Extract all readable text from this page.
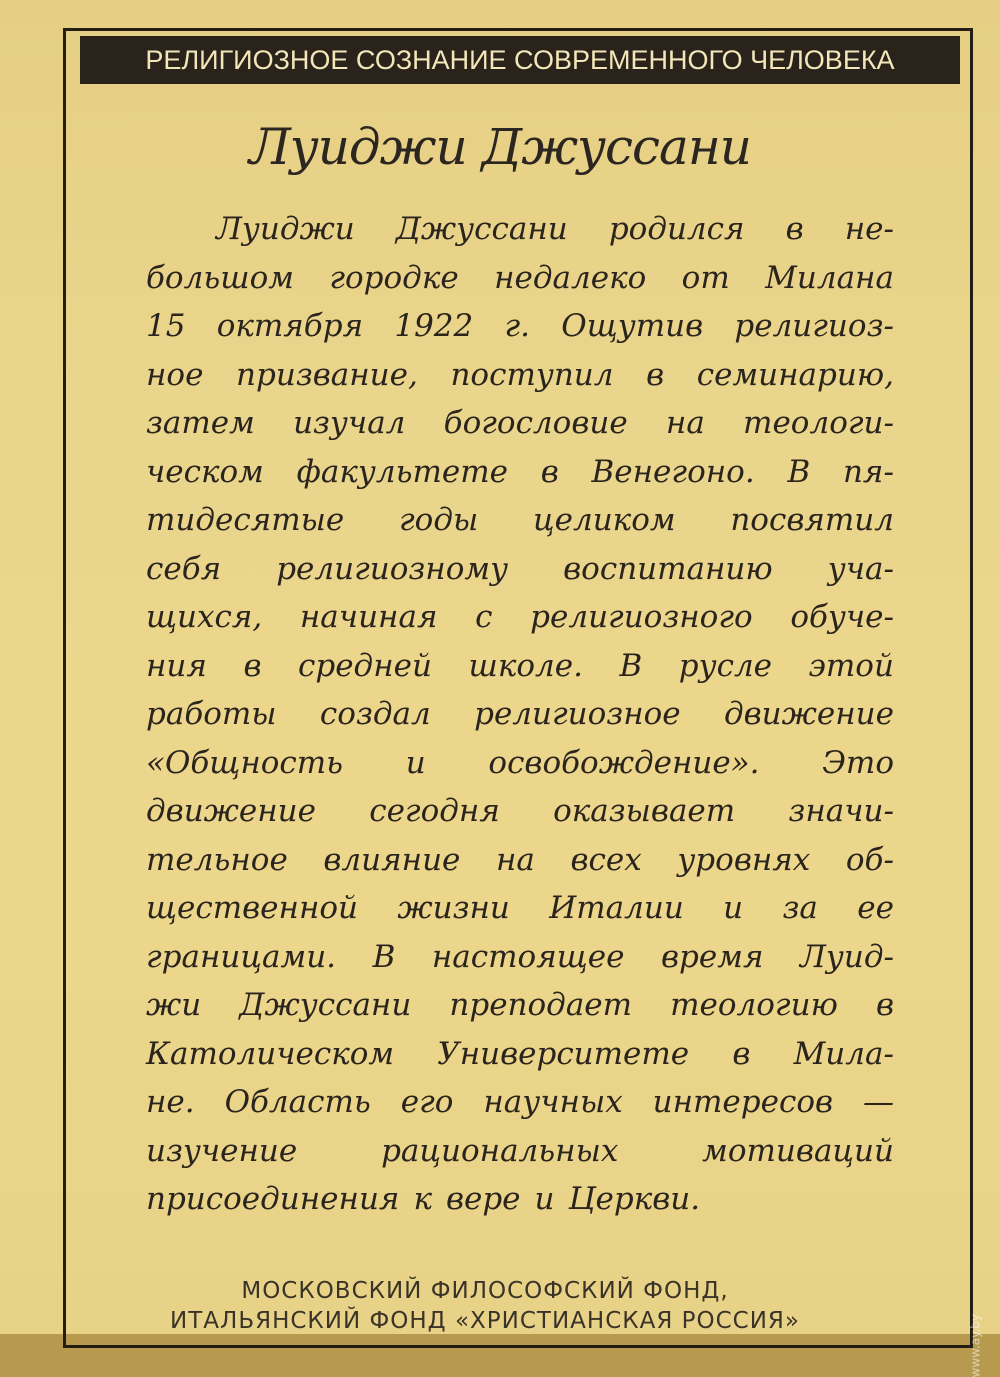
РЕЛИГИОЗНОЕ СОЗНАНИЕ СОВРЕМЕННОГО ЧЕЛОВЕКА
Луиджи Джуссани
Луиджи Джуссани родился в не-
большом городке недалеко от Милана
15 октября 1922 г. Ощутив религиоз-
ное призвание, поступил в семинарию,
затем изучал богословие на теологи-
ческом факультете в Венегоно. В пя-
тидесятые годы целиком посвятил
себя религиозному воспитанию уча-
щихся, начиная с религиозного обуче-
ния в средней школе. В русле этой
работы создал религиозное движение
«Общность и освобождение». Это
движение сегодня оказывает значи-
тельное влияние на всех уровнях об-
щественной жизни Италии и за ее
границами. В настоящее время Луид-
жи Джуссани преподает теологию в
Католическом Университете в Мила-
не. Область его научных интересов —
изучение	рациональных	мотиваций
присоединения к вере и Церкви.
МОСКОВСКИЙ ФИЛОСОФСКИЙ ФОНД,
ИТАЛЬЯНСКИЙ ФОНД «ХРИСТИАНСКАЯ РОССИЯ»	www.ay.by
